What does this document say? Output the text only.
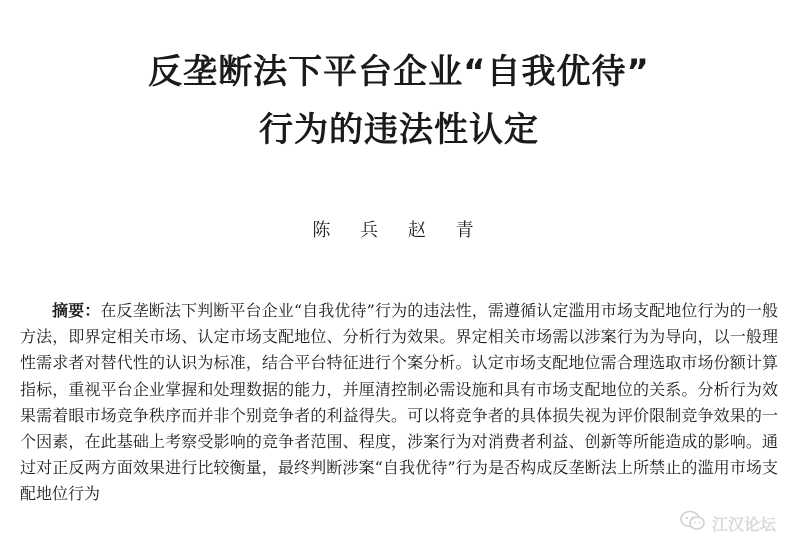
反垄断法下平台企业“自我优待”
行为的违法性认定
陈 兵 赵 青
摘要：在反垄断法下判断平台企业“自我优待”行为的违法性，需遵循认定滥用市场支配地位行为的一般方法，即界定相关市场、认定市场支配地位、分析行为效果。界定相关市场需以涉案行为为导向，以一般理性需求者对替代性的认识为标准，结合平台特征进行个案分析。认定市场支配地位需合理选取市场份额计算指标，重视平台企业掌握和处理数据的能力，并厘清控制必需设施和具有市场支配地位的关系。分析行为效果需着眼市场竞争秩序而并非个别竞争者的利益得失。可以将竞争者的具体损失视为评价限制竞争效果的一个因素，在此基础上考察受影响的竞争者范围、程度，涉案行为对消费者利益、创新等所能造成的影响。通过对正反两方面效果进行比较衡量，最终判断涉案“自我优待”行为是否构成反垄断法上所禁止的滥用市场支配地位行为
江汉论坛
